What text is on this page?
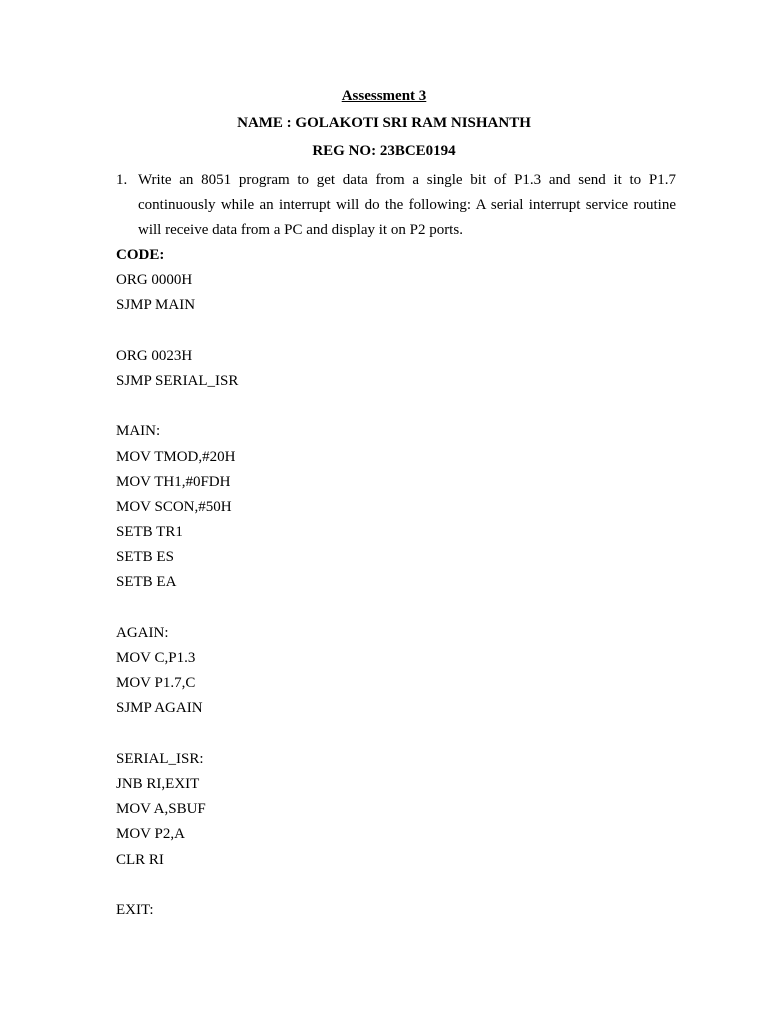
Assessment 3
NAME : GOLAKOTI SRI RAM NISHANTH
REG NO: 23BCE0194
1. Write an 8051 program to get data from a single bit of P1.3 and send it to P1.7 continuously while an interrupt will do the following: A serial interrupt service routine will receive data from a PC and display it on P2 ports.
CODE:
ORG 0000H
SJMP MAIN
ORG 0023H
SJMP SERIAL_ISR
MAIN:
MOV TMOD,#20H
MOV TH1,#0FDH
MOV SCON,#50H
SETB TR1
SETB ES
SETB EA
AGAIN:
MOV C,P1.3
MOV P1.7,C
SJMP AGAIN
SERIAL_ISR:
JNB RI,EXIT
MOV A,SBUF
MOV P2,A
CLR RI
EXIT:
